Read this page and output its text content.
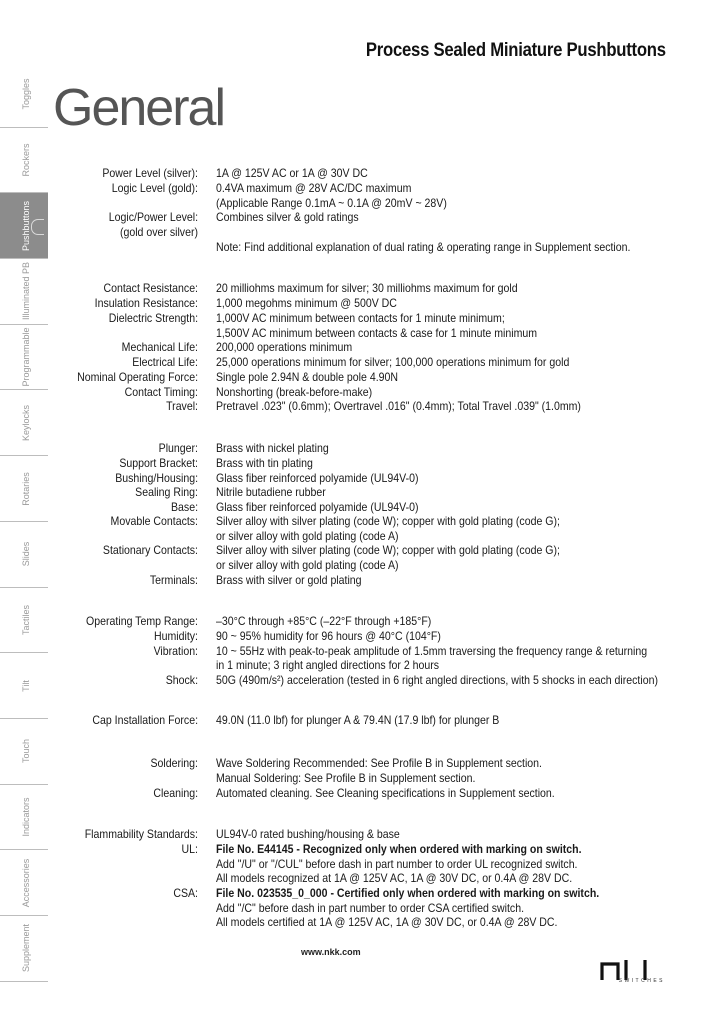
Process Sealed Miniature Pushbuttons
General
Toggles
Rockers
Pushbuttons
Illuminated PB
Programmable
Keylocks
Rotaries
Slides
Tactiles
Tilt
Touch
Indicators
Accessories
Supplement
Power Level (silver): 1A @ 125V AC or 1A @ 30V DC
Logic Level (gold): 0.4VA maximum @ 28V AC/DC maximum
(Applicable Range 0.1mA ~ 0.1A @ 20mV ~ 28V)
Logic/Power Level: Combines silver & gold ratings
(gold over silver)
Note: Find additional explanation of dual rating & operating range in Supplement section.
Contact Resistance: 20 milliohms maximum for silver; 30 milliohms maximum for gold
Insulation Resistance: 1,000 megohms minimum @ 500V DC
Dielectric Strength: 1,000V AC minimum between contacts for 1 minute minimum;
1,500V AC minimum between contacts & case for 1 minute minimum
Mechanical Life: 200,000 operations minimum
Electrical Life: 25,000 operations minimum for silver; 100,000 operations minimum for gold
Nominal Operating Force: Single pole 2.94N & double pole 4.90N
Contact Timing: Nonshorting (break-before-make)
Travel: Pretravel .023" (0.6mm); Overtravel .016" (0.4mm); Total Travel .039" (1.0mm)
Plunger: Brass with nickel plating
Support Bracket: Brass with tin plating
Bushing/Housing: Glass fiber reinforced polyamide (UL94V-0)
Sealing Ring: Nitrile butadiene rubber
Base: Glass fiber reinforced polyamide (UL94V-0)
Movable Contacts: Silver alloy with silver plating (code W); copper with gold plating (code G);
or silver alloy with gold plating (code A)
Stationary Contacts: Silver alloy with silver plating (code W); copper with gold plating (code G);
or silver alloy with gold plating (code A)
Terminals: Brass with silver or gold plating
Operating Temp Range: –30°C through +85°C (–22°F through +185°F)
Humidity: 90 ~ 95% humidity for 96 hours @ 40°C (104°F)
Vibration: 10 ~ 55Hz with peak-to-peak amplitude of 1.5mm traversing the frequency range & returning
in 1 minute; 3 right angled directions for 2 hours
Shock: 50G (490m/s²) acceleration (tested in 6 right angled directions, with 5 shocks in each direction)
Cap Installation Force: 49.0N (11.0 lbf) for plunger A & 79.4N (17.9 lbf) for plunger B
Soldering: Wave Soldering Recommended: See Profile B in Supplement section.
Manual Soldering: See Profile B in Supplement section.
Cleaning: Automated cleaning. See Cleaning specifications in Supplement section.
Flammability Standards: UL94V-0 rated bushing/housing & base
UL: File No. E44145 - Recognized only when ordered with marking on switch.
Add "/U" or "/CUL" before dash in part number to order UL recognized switch.
All models recognized at 1A @ 125V AC, 1A @ 30V DC, or 0.4A @ 28V DC.
CSA: File No. 023535_0_000 - Certified only when ordered with marking on switch.
Add "/C" before dash in part number to order CSA certified switch.
All models certified at 1A @ 125V AC, 1A @ 30V DC, or 0.4A @ 28V DC.
www.nkk.com
SWITCHES
